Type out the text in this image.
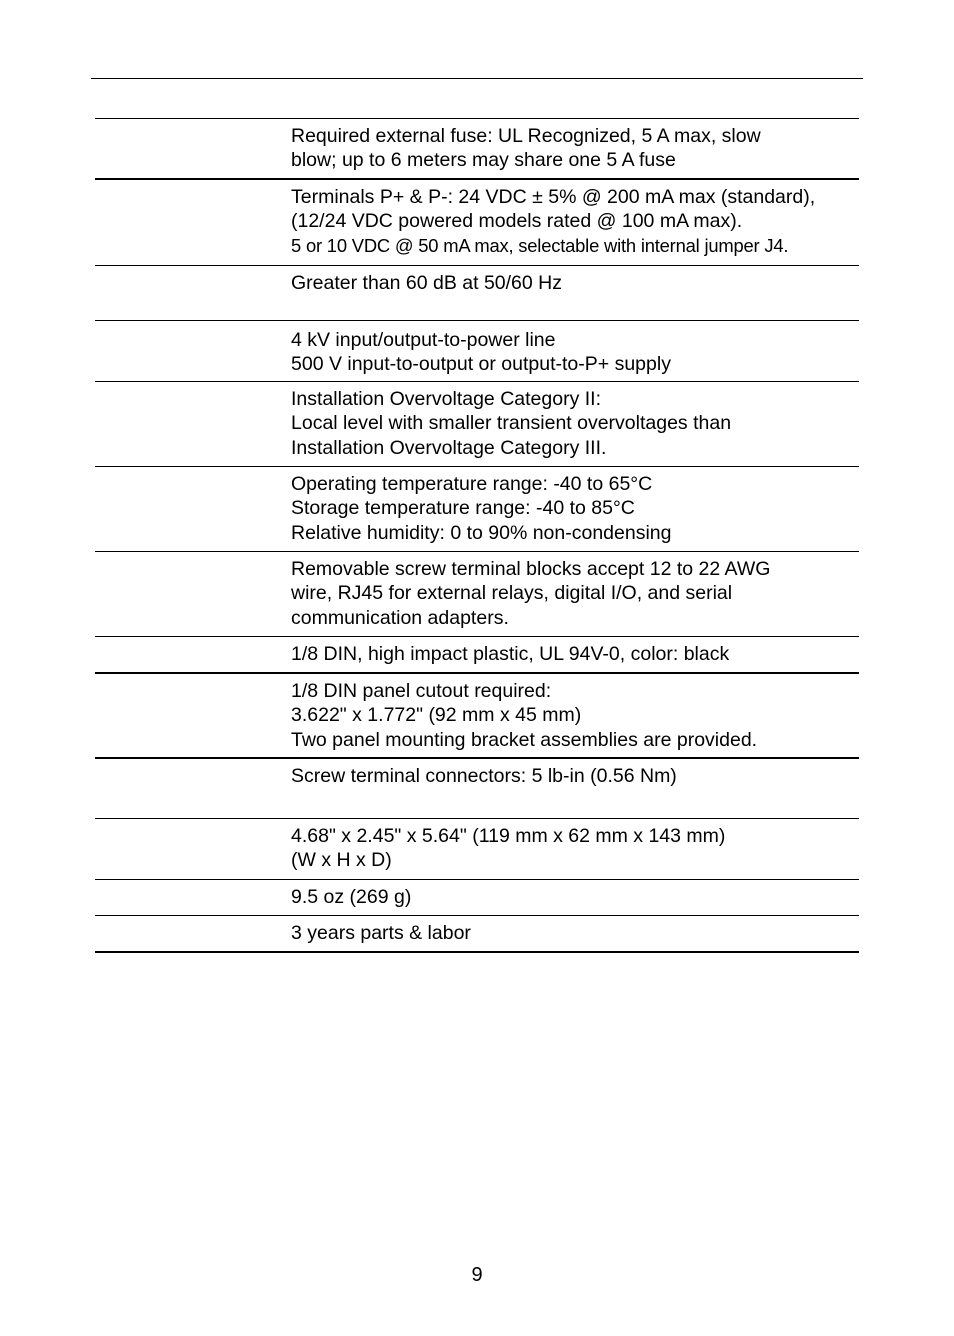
Required external fuse: UL Recognized, 5 A max, slow
blow; up to 6 meters may share one 5 A fuse
Terminals P+ & P-: 24 VDC ± 5% @ 200 mA max (standard),
(12/24 VDC powered models rated @ 100 mA max).
5 or 10 VDC @ 50 mA max, selectable with internal jumper J4.
Greater than 60 dB at 50/60 Hz
4 kV input/output-to-power line
500 V input-to-output or output-to-P+ supply
Installation Overvoltage Category II:
Local level with smaller transient overvoltages than
Installation Overvoltage Category III.
Operating temperature range: -40 to 65°C
Storage temperature range: -40 to 85°C
Relative humidity: 0 to 90% non-condensing
Removable screw terminal blocks accept 12 to 22 AWG
wire, RJ45 for external relays, digital I/O, and serial
communication adapters.
1/8 DIN, high impact plastic, UL 94V-0, color: black
1/8 DIN panel cutout required:
3.622" x 1.772" (92 mm x 45 mm)
Two panel mounting bracket assemblies are provided.
Screw terminal connectors: 5 lb-in (0.56 Nm)
4.68" x 2.45" x 5.64" (119 mm x 62 mm x 143 mm)
(W x H x D)
9.5 oz (269 g)
3 years parts & labor
9
